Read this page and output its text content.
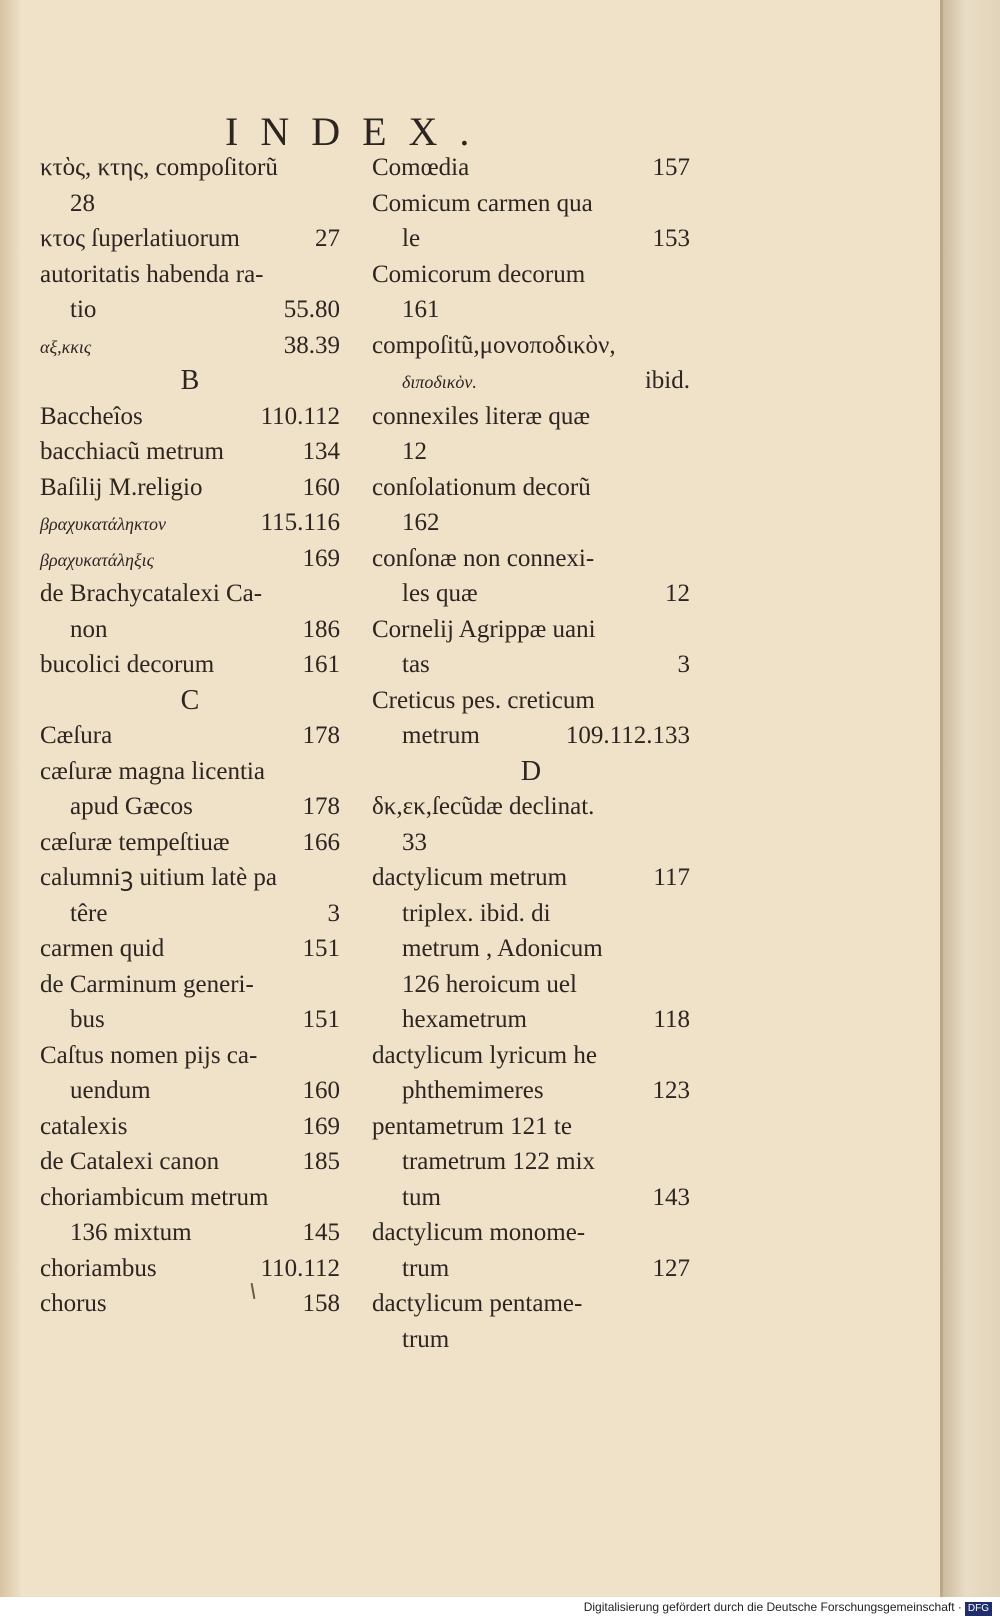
INDEX.
κτὸς, κτης, compoſitorũ
28
κτος ſuperlatiuorum	27
autoritatis habenda ra-
tio	55.80
αξ,κκις	38.39
B
Baccheîos	110.112
bacchiacũ metrum	134
Baſilij M.religio	160
βραχυκατάληκτον	115.116
βραχυκατάληξις	169
de Brachycatalexi Ca-
non	186
bucolici decorum	161
C
Cæſura	178
cæſuræ magna licentia
apud Gæcos	178
cæſuræ tempeſtiuæ	166
calumniꝫ uitium latè pa
têre	3
carmen quid	151
de Carminum generi-
bus	151
Caſtus nomen pijs ca-
uendum	160
catalexis	169
de Catalexi canon	185
choriambicum metrum
136 mixtum	145
choriambus	110.112
chorus	158
Comœdia	157
Comicum carmen qua
le	153
Comicorum decorum
161
compoſitũ,μονοποδικὸν,
διποδικὸν.	ibid.
connexiles literæ quæ
12
conſolationum decorũ
162
conſonæ non connexi-
les quæ	12
Cornelij Agrippæ uani
tas	3
Creticus pes. creticum
metrum	109.112.133
D
δκ,εκ,ſecũdæ declinat.
33
dactylicum metrum	117
triplex. ibid. di
metrum , Adonicum
126 heroicum uel
hexametrum	118
dactylicum lyricum he
phthemimeres	123
pentametrum 121 te
trametrum 122 mix
tum	143
dactylicum monome-
trum	127
dactylicum pentame-
trum
Digitalisierung gefördert durch die Deutsche Forschungsgemeinschaft · DFG
